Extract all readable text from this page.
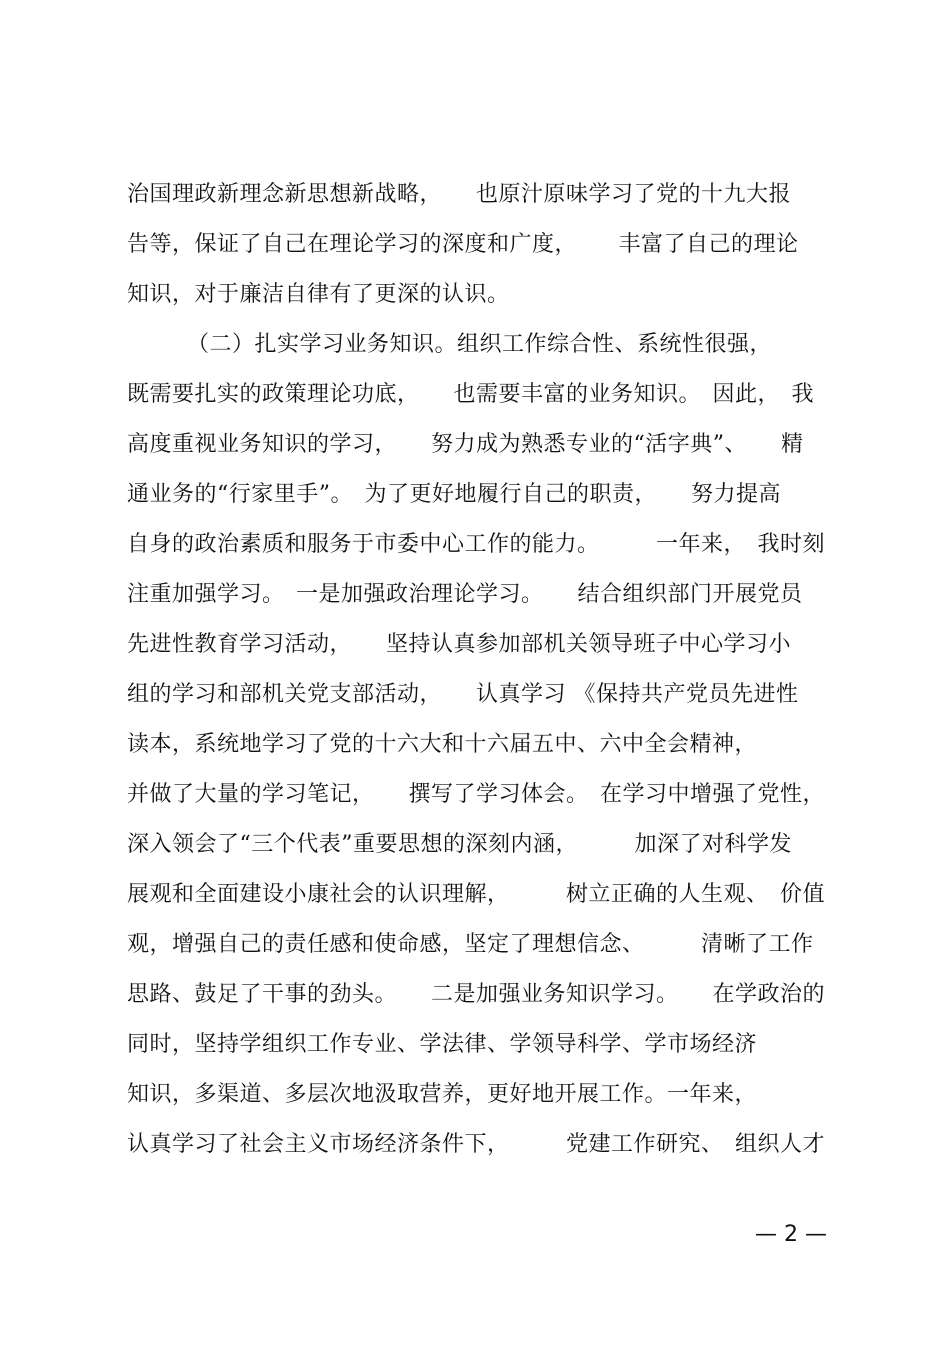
治国理政新理念新思想新战略，　　也原汁原味学习了党的十九大报
告等，保证了自己在理论学习的深度和广度，　　 丰富了自己的理论
知识，对于廉洁自律有了更深的认识。
（二）扎实学习业务知识。组织工作综合性、系统性很强，
既需要扎实的政策理论功底，　　也需要丰富的业务知识。　因此，　我
高度重视业务知识的学习，　　努力成为熟悉专业的“活字典”、　　精
通业务的“行家里手”。　为了更好地履行自己的职责，　　努力提高
自身的政治素质和服务于市委中心工作的能力。　　　一年来，　我时刻
注重加强学习。　一是加强政治理论学习。　　结合组织部门开展党员
先进性教育学习活动，　　坚持认真参加部机关领导班子中心学习小
组的学习和部机关党支部活动，　　认真学习 《保持共产党员先进性
读本，系统地学习了党的十六大和十六届五中、六中全会精神，
并做了大量的学习笔记，　　撰写了学习体会。　在学习中增强了党性，
深入领会了“三个代表”重要思想的深刻内涵，　　　加深了对科学发
展观和全面建设小康社会的认识理解，　　　树立正确的人生观、　价值
观，增强自己的责任感和使命感，坚定了理想信念、　　　清晰了工作
思路、鼓足了干事的劲头。　　二是加强业务知识学习。　　在学政治的
同时，坚持学组织工作专业、学法律、学领导科学、学市场经济
知识，多渠道、多层次地汲取营养，更好地开展工作。一年来，
认真学习了社会主义市场经济条件下，　　　党建工作研究、　组织人才
— 2 —
